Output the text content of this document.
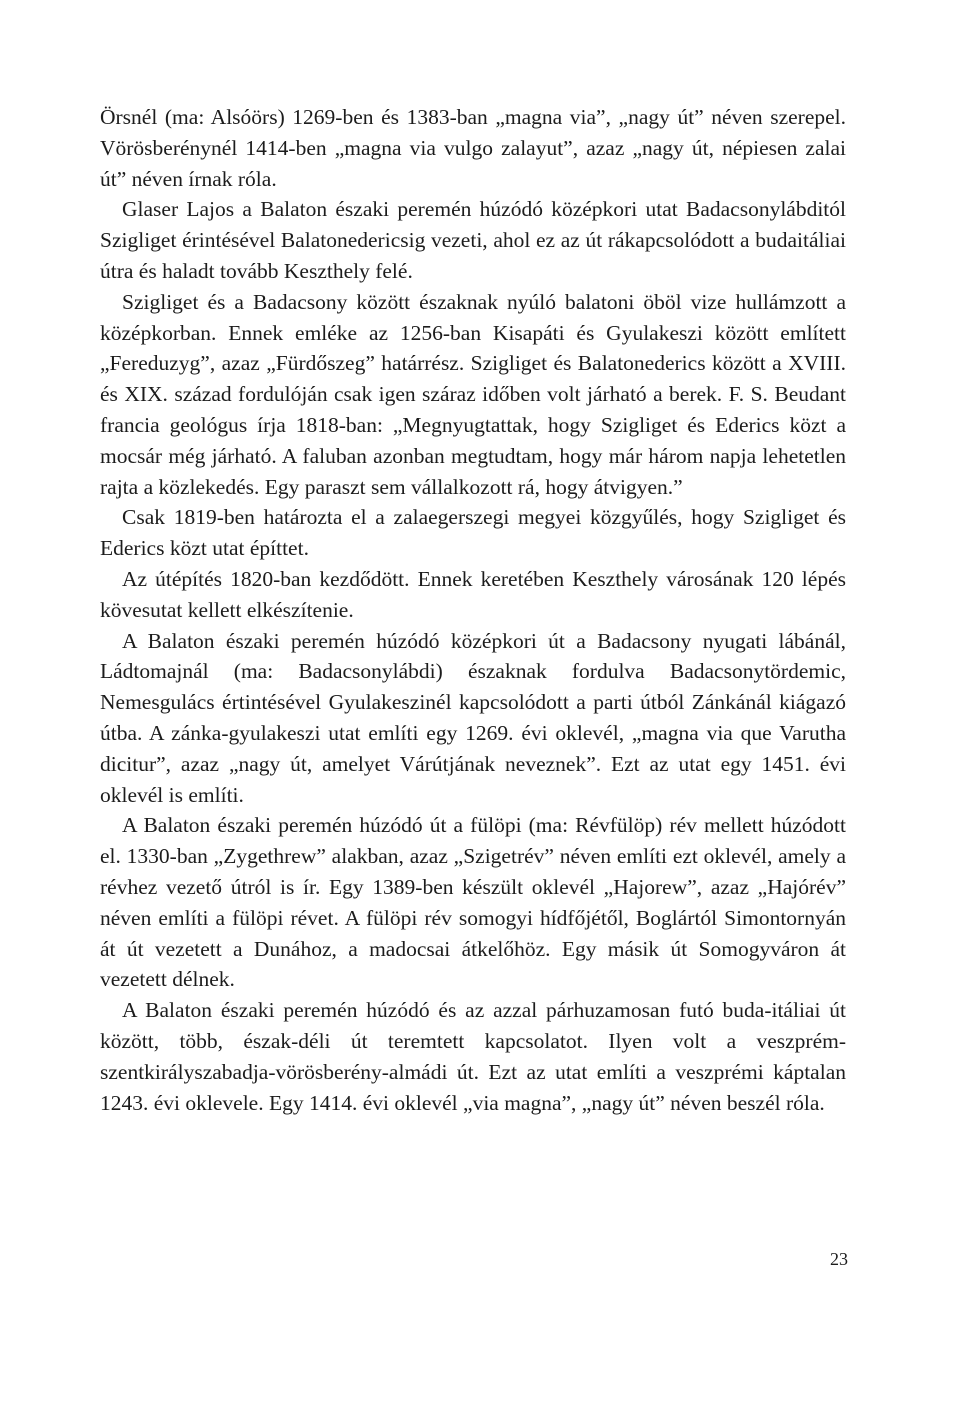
Örsnél (ma: Alsóörs) 1269-ben és 1383-ban „magna via”, „nagy út” néven szerepel. Vörösberénynél 1414-ben „magna via vulgo zalayut”, azaz „nagy út, népiesen zalai út” néven írnak róla.

Glaser Lajos a Balaton északi peremén húzódó középkori utat Badacsonylábditól Szigliget érintésével Balatonedericsig vezeti, ahol ez az út rákapcsolódott a budaitáliai útra és haladt tovább Keszthely felé.

Szigliget és a Badacsony között északnak nyúló balatoni öböl vize hullámzott a középkorban. Ennek emléke az 1256-ban Kisapáti és Gyulakeszi között említett „Fereduzyg”, azaz „Fürdőszeg” határrész. Szigliget és Balatonederics között a XVIII. és XIX. század fordulóján csak igen száraz időben volt járható a berek. F. S. Beudant francia geológus írja 1818-ban: „Megnyugtattak, hogy Szigliget és Ederics közt a mocsár még járható. A faluban azonban megtudtam, hogy már három napja lehetetlen rajta a közlekedés. Egy paraszt sem vállalkozott rá, hogy átvigyen.”

Csak 1819-ben határozta el a zalaegerszegi megyei közgyűlés, hogy Szigliget és Ederics közt utat építtet.

Az útépítés 1820-ban kezdődött. Ennek keretében Keszthely városának 120 lépés kövesutat kellett elkészítenie.

A Balaton északi peremén húzódó középkori út a Badacsony nyugati lábánál, Ládtomajnál (ma: Badacsonylábdi) északnak fordulva Badacsonytördemic, Nemesgulács értintésével Gyulakeszinél kapcsolódott a parti útból Zánkánál kiágazó útba. A zánka-gyulakeszi utat említi egy 1269. évi oklevél, „magna via que Varutha dicitur”, azaz „nagy út, amelyet Várútjának neveznek”. Ezt az utat egy 1451. évi oklevél is említi.

A Balaton északi peremén húzódó út a fülöpi (ma: Révfülöp) rév mellett húzódott el. 1330-ban „Zygethrew” alakban, azaz „Szigetrév” néven említi ezt oklevél, amely a révhez vezető útról is ír. Egy 1389-ben készült oklevél „Hajorew”, azaz „Hajórév” néven említi a fülöpi révet. A fülöpi rév somogyi hídfőjétől, Boglártól Simontornyán át út vezetett a Dunához, a madocsai átkelőhöz. Egy másik út Somogyváron át vezetett délnek.

A Balaton északi peremén húzódó és az azzal párhuzamosan futó buda-itáliai út között, több, észak-déli út teremtett kapcsolatot. Ilyen volt a veszprém-szentkirályszabadja-vörösberény-almádi út. Ezt az utat említi a veszprémi káptalan 1243. évi oklevele. Egy 1414. évi oklevél „via magna”, „nagy út” néven beszél róla.

23
